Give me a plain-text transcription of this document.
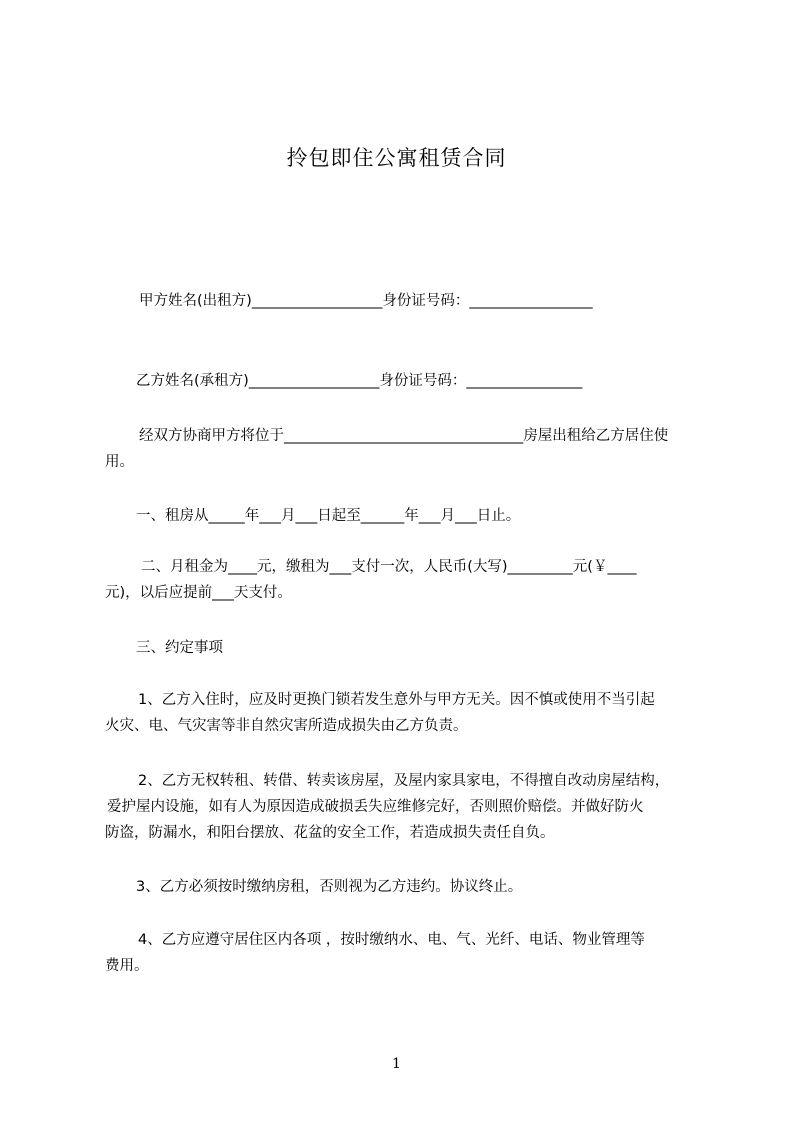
拎包即住公寓租赁合同
甲方姓名(出租方)__________________身份证号码：_________________
乙方姓名(承租方)__________________身份证号码：________________
经双方协商甲方将位于_________________________________房屋出租给乙方居住使
用。
一、租房从_____年___月___日起至______年___月___日止。
二、月租金为____元，缴租为___支付一次，人民币(大写)_________元(￥____
元)，以后应提前___天支付。
三、约定事项
1、乙方入住时，应及时更换门锁若发生意外与甲方无关。因不慎或使用不当引起
火灾、电、气灾害等非自然灾害所造成损失由乙方负责。
2、乙方无权转租、转借、转卖该房屋，及屋内家具家电，不得擅自改动房屋结构，
爱护屋内设施，如有人为原因造成破损丢失应维修完好，否则照价赔偿。并做好防火
防盗，防漏水，和阳台摆放、花盆的安全工作，若造成损失责任自负。
3、乙方必须按时缴纳房租，否则视为乙方违约。协议终止。
4、乙方应遵守居住区内各项 ，按时缴纳水、电、气、光纤、电话、物业管理等
费用。
1
